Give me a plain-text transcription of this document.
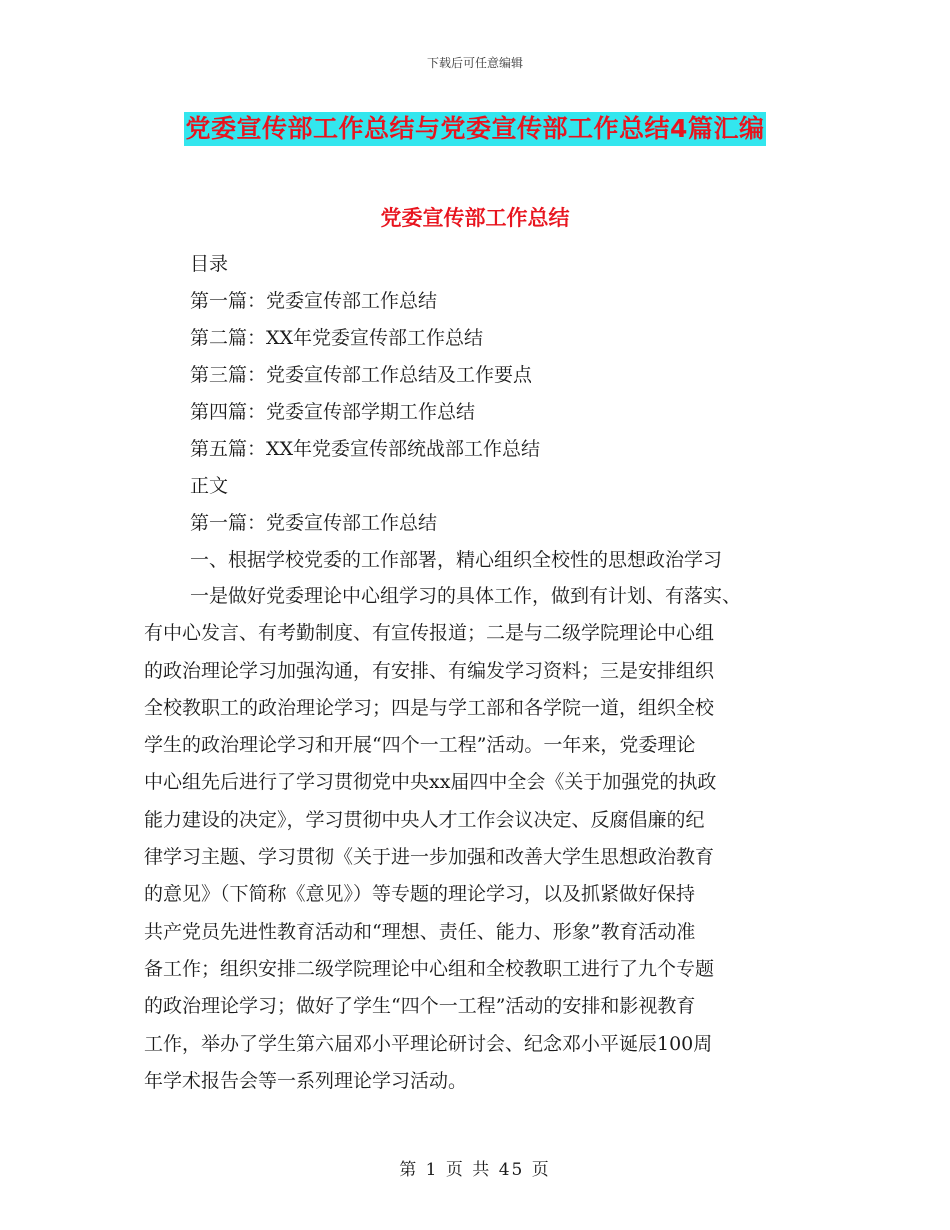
下载后可任意编辑
党委宣传部工作总结与党委宣传部工作总结4篇汇编
党委宣传部工作总结
目录
第一篇：党委宣传部工作总结
第二篇：XX年党委宣传部工作总结
第三篇：党委宣传部工作总结及工作要点
第四篇：党委宣传部学期工作总结
第五篇：XX年党委宣传部统战部工作总结
正文
第一篇：党委宣传部工作总结
一、根据学校党委的工作部署，精心组织全校性的思想政治学习
一是做好党委理论中心组学习的具体工作，做到有计划、有落实、
有中心发言、有考勤制度、有宣传报道；二是与二级学院理论中心组
的政治理论学习加强沟通，有安排、有编发学习资料；三是安排组织
全校教职工的政治理论学习；四是与学工部和各学院一道，组织全校
学生的政治理论学习和开展“四个一工程”活动。一年来，党委理论
中心组先后进行了学习贯彻党中央xx届四中全会《关于加强党的执政
能力建设的决定》，学习贯彻中央人才工作会议决定、反腐倡廉的纪
律学习主题、学习贯彻《关于进一步加强和改善大学生思想政治教育
的意见》（下简称《意见》）等专题的理论学习，以及抓紧做好保持
共产党员先进性教育活动和“理想、责任、能力、形象”教育活动准
备工作；组织安排二级学院理论中心组和全校教职工进行了九个专题
的政治理论学习；做好了学生“四个一工程”活动的安排和影视教育
工作，举办了学生第六届邓小平理论研讨会、纪念邓小平诞辰100周
年学术报告会等一系列理论学习活动。
第 1 页 共 45 页
